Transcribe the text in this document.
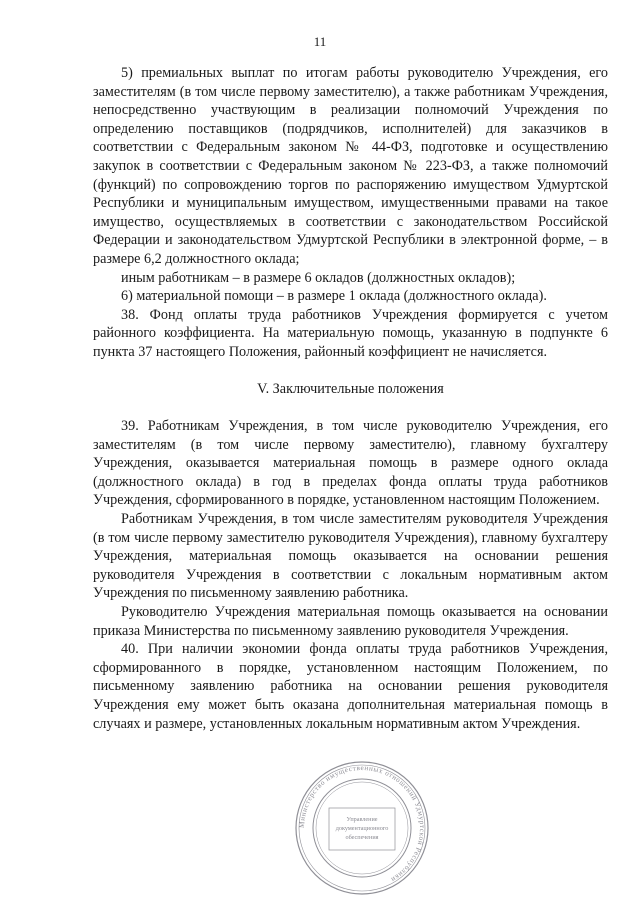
11

5) премиальных выплат по итогам работы руководителю Учреждения, его заместителям (в том числе первому заместителю), а также работникам Учреждения, непосредственно участвующим в реализации полномочий Учреждения по определению поставщиков (подрядчиков, исполнителей) для заказчиков в соответствии с Федеральным законом № 44-ФЗ, подготовке и осуществлению закупок в соответствии с Федеральным законом № 223-ФЗ, а также полномочий (функций) по сопровождению торгов по распоряжению имуществом Удмуртской Республики и муниципальным имуществом, имущественными правами на такое имущество, осуществляемых в соответствии с законодательством Российской Федерации и законодательством Удмуртской Республики в электронной форме, – в размере 6,2 должностного оклада;

иным работникам – в размере 6 окладов (должностных окладов);

6) материальной помощи – в размере 1 оклада (должностного оклада).

38. Фонд оплаты труда работников Учреждения формируется с учетом районного коэффициента. На материальную помощь, указанную в подпункте 6 пункта 37 настоящего Положения, районный коэффициент не начисляется.

V. Заключительные положения

39. Работникам Учреждения, в том числе руководителю Учреждения, его заместителям (в том числе первому заместителю), главному бухгалтеру Учреждения, оказывается материальная помощь в размере одного оклада (должностного оклада) в год в пределах фонда оплаты труда работников Учреждения, сформированного в порядке, установленном настоящим Положением.

Работникам Учреждения, в том числе заместителям руководителя Учреждения (в том числе первому заместителю руководителя Учреждения), главному бухгалтеру Учреждения, материальная помощь оказывается на основании решения руководителя Учреждения в соответствии с локальным нормативным актом Учреждения по письменному заявлению работника.

Руководителю Учреждения материальная помощь оказывается на основании приказа Министерства по письменному заявлению руководителя Учреждения.

40. При наличии экономии фонда оплаты труда работников Учреждения, сформированного в порядке, установленном настоящим Положением, по письменному заявлению работника на основании решения руководителя Учреждения ему может быть оказана дополнительная материальная помощь в случаях и размере, установленных локальным нормативным актом Учреждения.

Министерство имущественных отношений Удмуртской Республики
Управление
документационного
обеспечения
